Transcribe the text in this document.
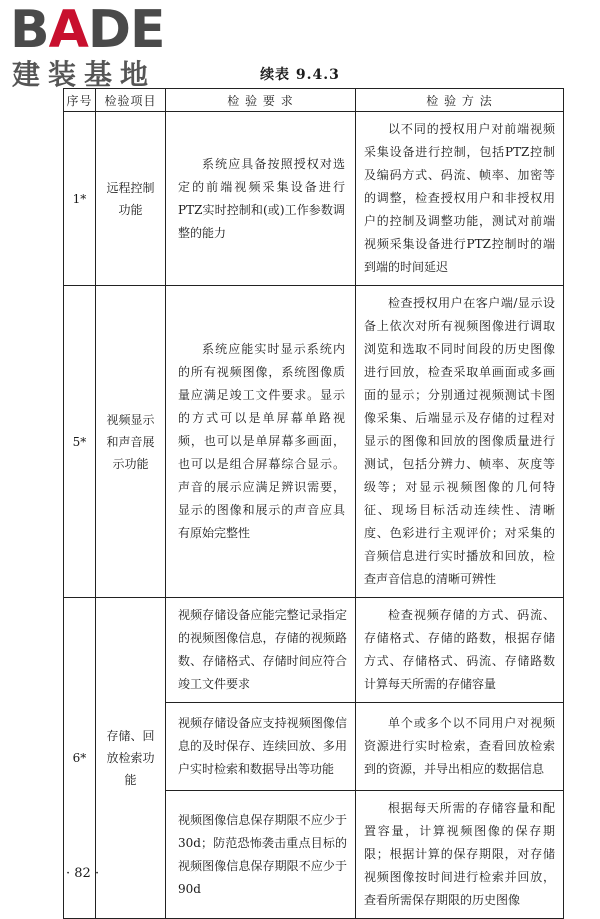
BADE
建装基地	续表 9.4.3
序号	检验项目	检 验 要 求	检 验 方 法
1*	远程控制功能	系统应具备按照授权对选定的前端视频采集设备进行PTZ实时控制和(或)工作参数调整的能力	以不同的授权用户对前端视频采集设备进行控制，包括PTZ控制及编码方式、码流、帧率、加密等的调整，检查授权用户和非授权用户的控制及调整功能，测试对前端视频采集设备进行PTZ控制时的端到端的时间延迟

5*	视频显示和声音展示功能	系统应能实时显示系统内的所有视频图像，系统图像质量应满足竣工文件要求。显示的方式可以是单屏幕单路视频，也可以是单屏幕多画面，也可以是组合屏幕综合显示。声音的展示应满足辨识需要，显示的图像和展示的声音应具有原始完整性	检查授权用户在客户端/显示设备上依次对所有视频图像进行调取浏览和选取不同时间段的历史图像进行回放，检查采取单画面或多画面的显示；分别通过视频测试卡图像采集、后端显示及存储的过程对显示的图像和回放的图像质量进行测试，包括分辨力、帧率、灰度等级等；对显示视频图像的几何特征、现场目标活动连续性、清晰度、色彩进行主观评价；对采集的音频信息进行实时播放和回放，检查声音信息的清晰可辨性

6*	存储、回放检索功能	视频存储设备应能完整记录指定的视频图像信息，存储的视频路数、存储格式、存储时间应符合竣工文件要求	检查视频存储的方式、码流、存储格式、存储的路数，根据存储方式、存储格式、码流、存储路数计算每天所需的存储容量

		视频存储设备应支持视频图像信息的及时保存、连续回放、多用户实时检索和数据导出等功能	单个或多个以不同用户对视频资源进行实时检索，查看回放检索到的资源，并导出相应的数据信息

		视频图像信息保存期限不应少于30d；防范恐怖袭击重点目标的视频图像信息保存期限不应少于90d	根据每天所需的存储容量和配置容量，计算视频图像的保存期限；根据计算的保存期限，对存储视频图像按时间进行检索并回放，查看所需保存期限的历史图像
· 82 ·
